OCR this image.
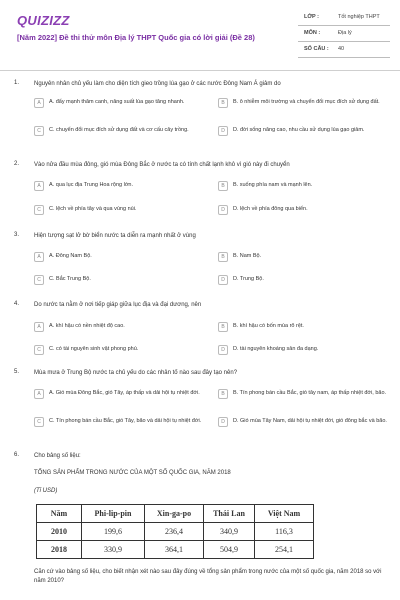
QUIZIZZ
[Năm 2022] Đề thi thử môn Địa lý THPT Quốc gia có lời giải (Đề 28)
LỚP :	Tốt nghiệp THPT
MÔN :	Địa lý
SỐ CÂU : 40
1. Nguyên nhân chủ yếu làm cho diện tích gieo trồng lúa gạo ở các nước Đông Nam Á giảm do
A	A. đẩy mạnh thâm canh, nâng suất lúa gạo tăng nhanh.	B	B. ô nhiễm môi trường và chuyển đổi mục đích sử dụng đất.
C	C. chuyển đổi mục đích sử dụng đất và cơ cấu cây trồng.	D	D. đời sống nâng cao, nhu cầu sử dụng lúa gạo giảm.
2. Vào nửa đầu mùa đông, gió mùa Đông Bắc ở nước ta có tính chất lạnh khô vì gió này đi chuyển
A	A. qua lục địa Trung Hoa rộng lớn.	B	B. xuống phía nam và mạnh lên.
C	C. lệch về phía tây và qua vùng núi.	D	D. lệch về phía đông qua biển.
3. Hiện tượng sạt lở bờ biển nước ta diễn ra mạnh nhất ở vùng
A	A. Đông Nam Bộ.	B	B. Nam Bộ.
C	C. Bắc Trung Bộ.	D	D. Trung Bộ.
4. Do nước ta nằm ở nơi tiếp giáp giữa lục địa và đại dương, nên
A	A. khí hậu có nền nhiệt độ cao.	B	B. khí hậu có bốn mùa rõ rệt.
C	C. có tài nguyên sinh vật phong phú.	D	D. tài nguyên khoáng sản đa dạng.
5. Mùa mưa ở Trung Bộ nước ta chủ yếu do các nhân tố nào sau đây tạo nên?
A	A. Gió mùa Đông Bắc, gió Tây, áp thấp và dải hội tụ nhiệt đới.	B	B. Tín phong bán cầu Bắc, gió tây nam, áp thấp nhiệt đới, bão.
C	C. Tín phong bán cầu Bắc, gió Tây, bão và dải hội tụ nhiệt đới.	D	D. Gió mùa Tây Nam, dải hội tụ nhiệt đới, gió đông bắc và bão.
6. Cho bảng số liệu:
TỔNG SẢN PHẨM TRONG NƯỚC CỦA MỘT SỐ QUỐC GIA, NĂM 2018
(Tỉ USD)
Năm	Phi-lip-pin	Xin-ga-po	Thái Lan	Việt Nam
2010	199,6	236,4	340,9	116,3
2018	330,9	364,1	504,9	254,1
Căn cứ vào bảng số liệu, cho biết nhận xét nào sau đây đúng về tổng sản phẩm trong nước của một số quốc gia, năm 2018 so với năm 2010?
